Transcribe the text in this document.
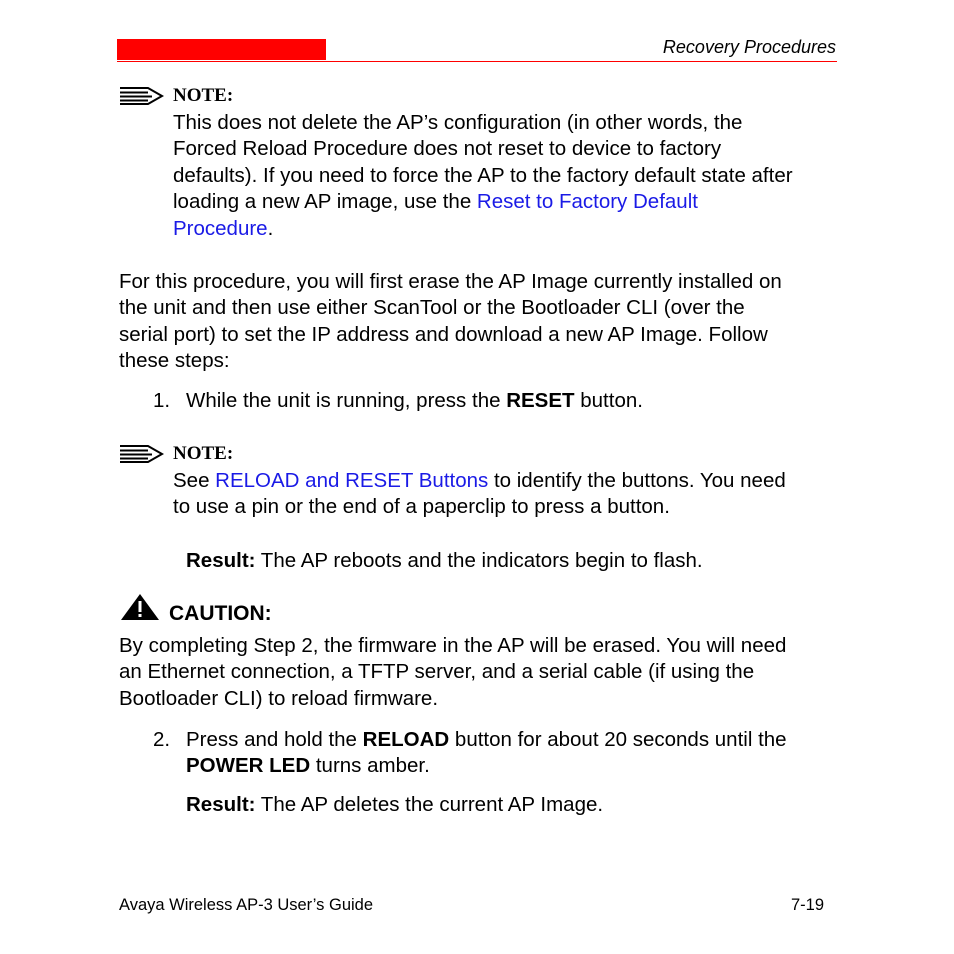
Recovery Procedures
NOTE:
This does not delete the AP’s configuration (in other words, the
Forced Reload Procedure does not reset to device to factory
defaults). If you need to force the AP to the factory default state after
loading a new AP image, use the Reset to Factory Default
Procedure.
For this procedure, you will first erase the AP Image currently installed on
the unit and then use either ScanTool or the Bootloader CLI (over the
serial port) to set the IP address and download a new AP Image. Follow
these steps:
1. While the unit is running, press the RESET button.
NOTE:
See RELOAD and RESET Buttons to identify the buttons. You need
to use a pin or the end of a paperclip to press a button.
Result: The AP reboots and the indicators begin to flash.
CAUTION:
By completing Step 2, the firmware in the AP will be erased. You will need
an Ethernet connection, a TFTP server, and a serial cable (if using the
Bootloader CLI) to reload firmware.
2. Press and hold the RELOAD button for about 20 seconds until the
POWER LED turns amber.
Result: The AP deletes the current AP Image.
Avaya Wireless AP-3 User’s Guide	7-19
